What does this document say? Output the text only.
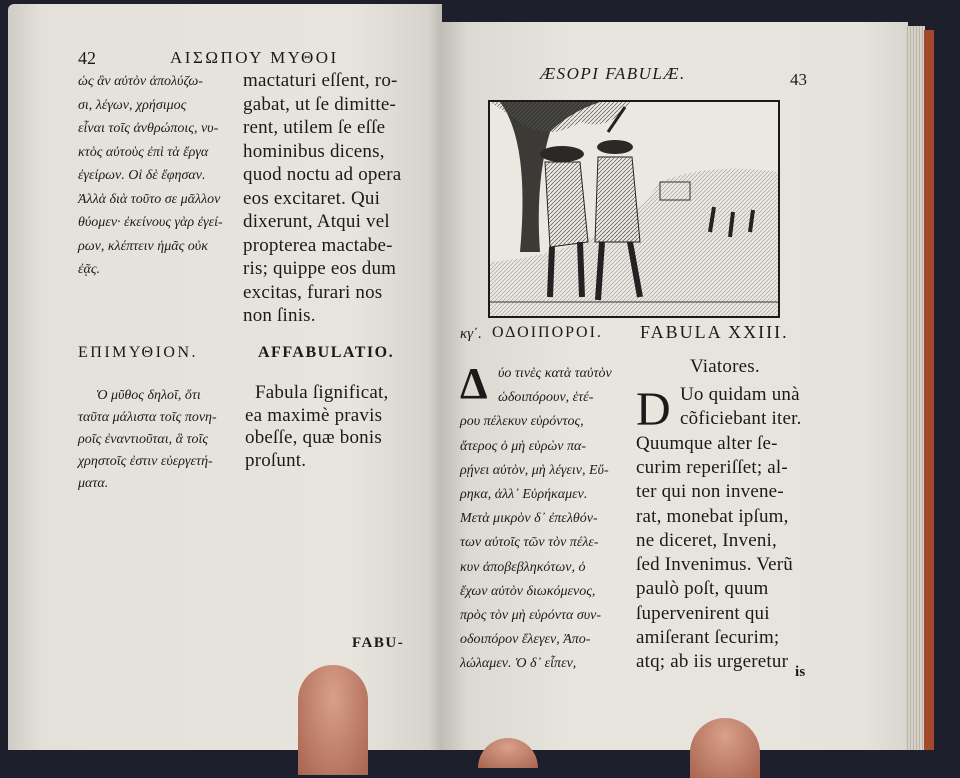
42	ΑΙΣΩΠΟΥ ΜΥΘΟΙ
ὡς ἂν αὐτὸν ἀπολύζω-
σι, λέγων, χρήσιμος
εἶναι τοῖς ἀνθρώποις, νυ-
κτὸς αὐτοὺς ἐπὶ τὰ ἔργα
ἐγείρων. Οἱ δὲ ἔφησαν.
Ἀλλὰ διὰ τοῦτο σε μᾶλλον
θύομεν· ἐκείνους γὰρ ἐγεί-
ρων, κλέπτειν ἡμᾶς οὐκ
ἐᾷς.
mactaturi eſſent, ro-
gabat, ut ſe dimitte-
rent, utilem ſe eſſe
hominibus dicens,
quod noctu ad opera
eos excitaret. Qui
dixerunt, Atqui vel
propterea mactabe-
ris; quippe eos dum
excitas, furari nos
non ſinis.
ΕΠΙΜΥΘΙΟΝ.	AFFABULATIO.
Ὁ μῦθος δηλοῖ, ὅτι
ταῦτα μάλιστα τοῖς πονη-
ροῖς ἐναντιοῦται, ἃ τοῖς
χρηστοῖς ἐστιν εὐεργετή-
ματα.
Fabula ſignificat,
ea maximè pravis
obeſſe, quæ bonis
proſunt.
FABU-
ÆSOPI FABULÆ.	43
κγ΄. ΟΔΟΙΠΟΡΟΙ. FABULA XXIII.
Viatores.
Δ	D
ύο τινὲς κατὰ ταὐτὸν
ὡδοιπόρουν, ἑτέ-
ρου πέλεκυν εὑρόντος,
ἅτερος ὁ μὴ εὑρὼν πα-
ρῄνει αὐτὸν, μὴ λέγειν, Εὕ-
ρηκα, ἀλλ᾽ Εὑρήκαμεν.
Μετὰ μικρὸν δ᾽ ἐπελθόν-
των αὐτοῖς τῶν τὸν πέλε-
κυν ἀποβεβληκότων, ὁ
ἔχων αὐτὸν διωκόμενος,
πρὸς τὸν μὴ εὑρόντα συν-
οδοιπόρον ἔλεγεν, Ἀπο-
λώλαμεν. Ὁ δ᾽ εἶπεν,
Uo quidam unà
cõficiebant iter.
Quumque alter ſe-
curim reperiſſet; al-
ter qui non invene-
rat, monebat ipſum,
ne diceret, Inveni,
ſed Invenimus. Verũ
paulò poſt, quum
ſupervenirent qui
amiſerant ſecurim;
atq; ab iis urgeretur is
